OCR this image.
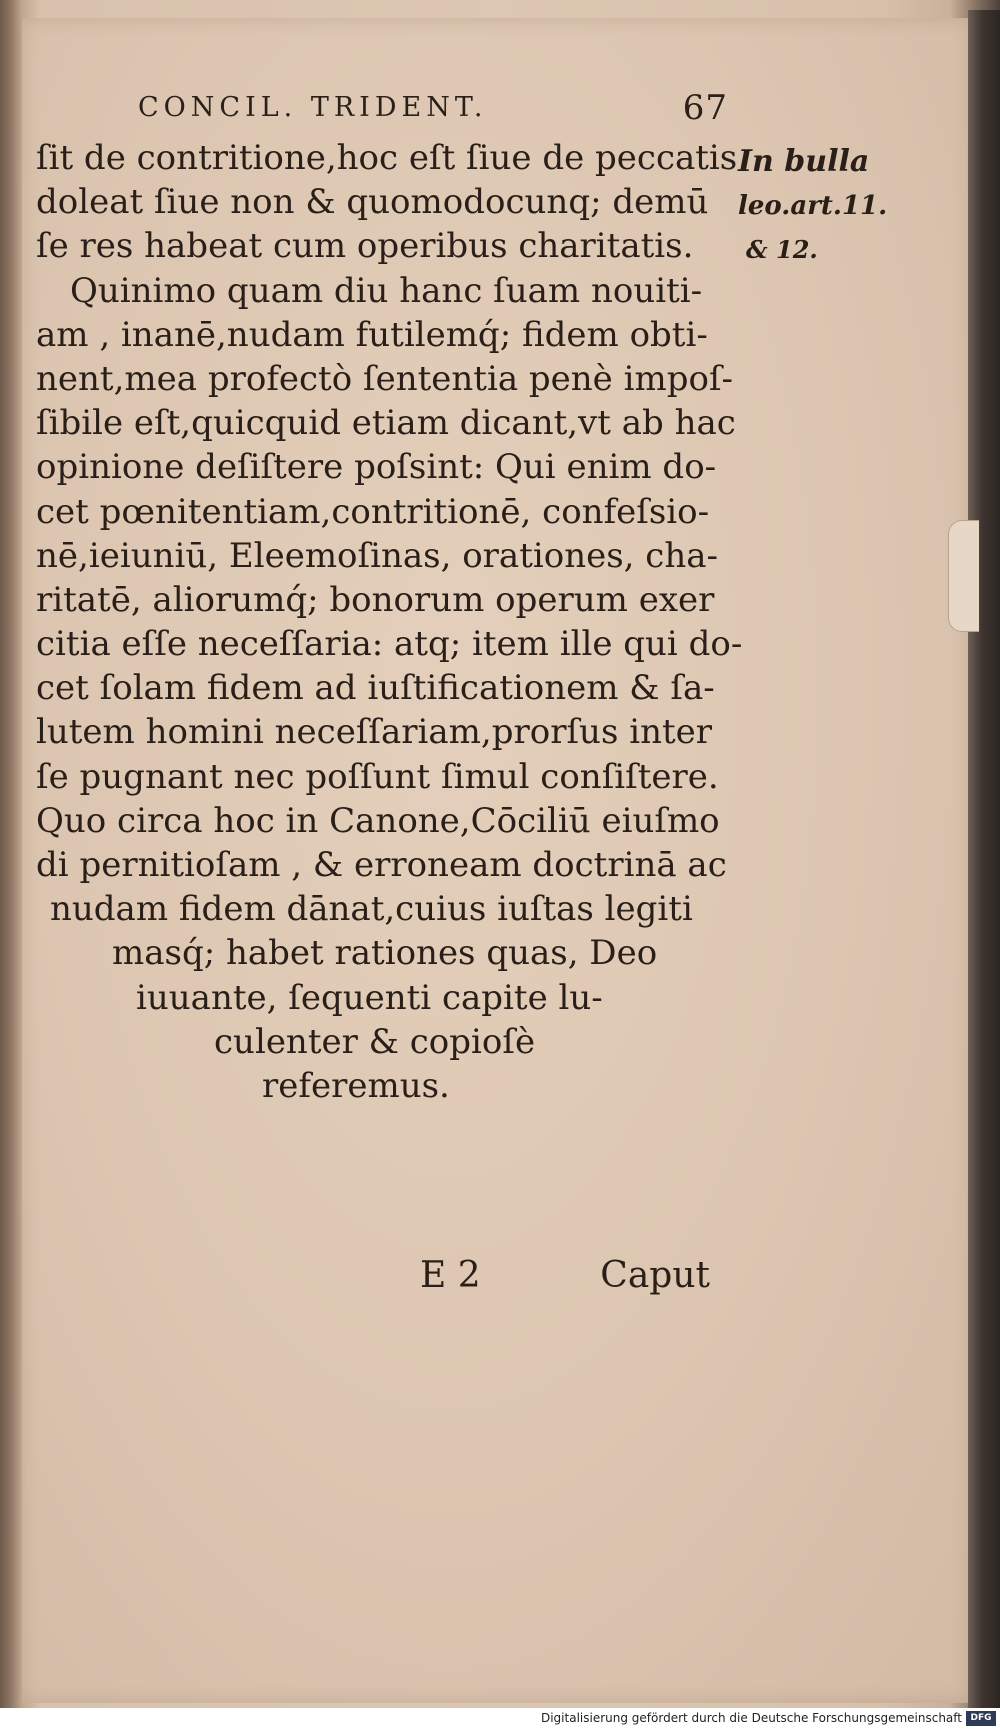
CONCIL. TRIDENT.	67
ſit de contritione,hoc eſt ſiue de peccatis
doleat ſiue non & quomodocunq; demū
ſe res habeat cum operibus charitatis.
Quinimo quam diu hanc ſuam nouiti-
am , inanē,nudam futilemq́; fidem obti-
nent,mea profectò ſententia penè impoſ-
ſibile eſt,quicquid etiam dicant,vt ab hac
opinione deſiſtere poſsint: Qui enim do-
cet pœnitentiam,contritionē, confeſsio-
nē,ieiuniū, Eleemoſinas, orationes, cha-
ritatē, aliorumq́; bonorum operum exer
citia eſſe neceſſaria: atq; item ille qui do-
cet ſolam fidem ad iuſtificationem & ſa-
lutem homini neceſſariam,prorſus inter
ſe pugnant nec poſſunt ſimul conſiſtere.
Quo circa hoc in Canone,Cōciliū eiuſmo
di pernitioſam , & erroneam doctrinā ac
nudam fidem dānat,cuius iuſtas legiti
masq́; habet rationes quas, Deo
iuuante, ſequenti capite lu-
culenter & copioſè
referemus.
In bulla
leo.art.11.
& 12.
E 2	Caput
Digitalisierung gefördert durch die Deutsche Forschungsgemeinschaft DFG
